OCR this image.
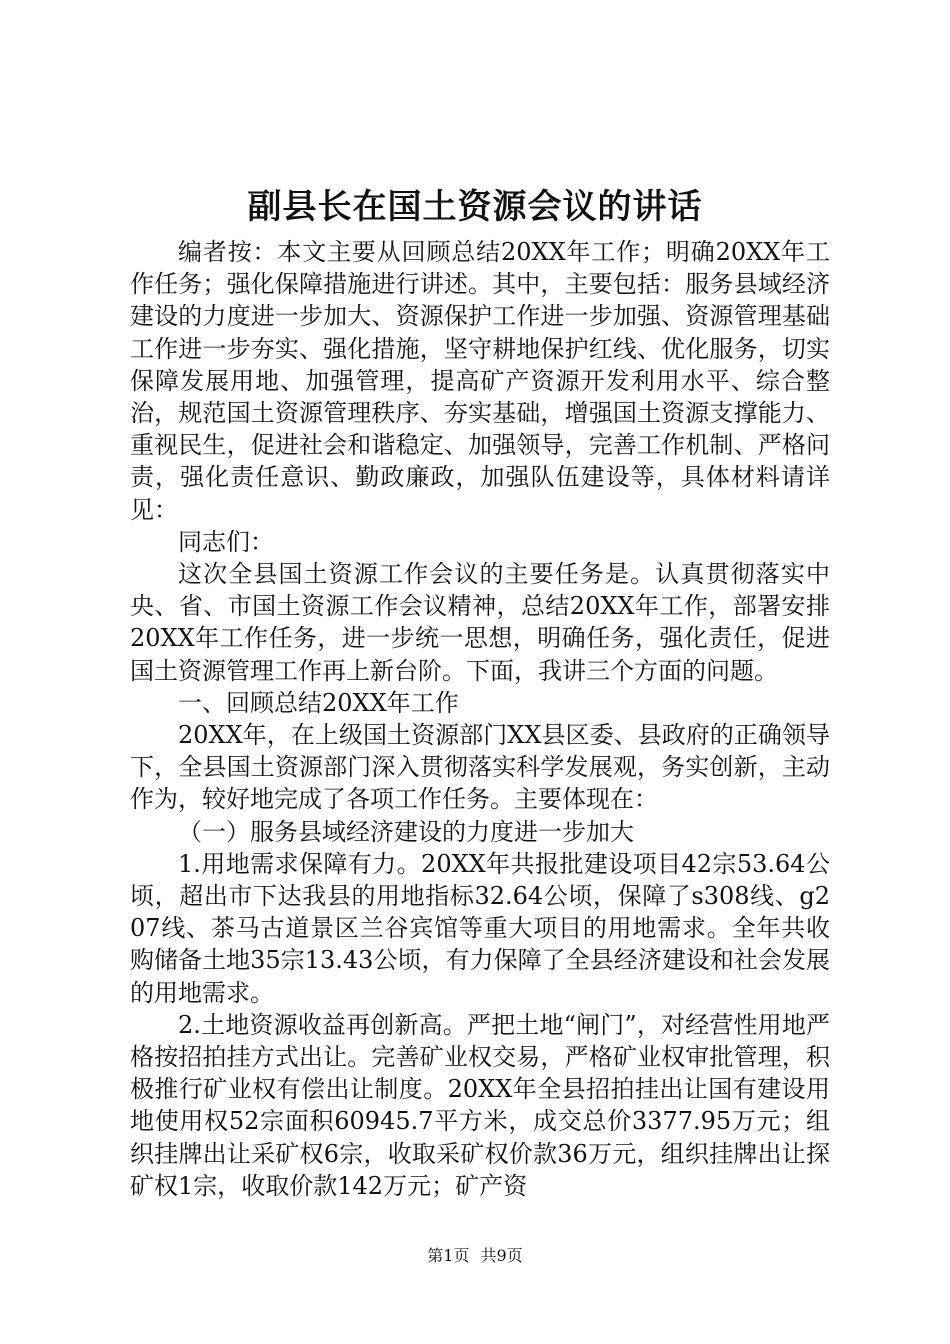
副县长在国土资源会议的讲话

编者按：本文主要从回顾总结20XX年工作；明确20XX年工作任务；强化保障措施进行讲述。其中，主要包括：服务县域经济建设的力度进一步加大、资源保护工作进一步加强、资源管理基础工作进一步夯实、强化措施，坚守耕地保护红线、优化服务，切实保障发展用地、加强管理，提高矿产资源开发利用水平、综合整治，规范国土资源管理秩序、夯实基础，增强国土资源支撑能力、重视民生，促进社会和谐稳定、加强领导，完善工作机制、严格问责，强化责任意识、勤政廉政，加强队伍建设等，具体材料请详见：

同志们：

这次全县国土资源工作会议的主要任务是。认真贯彻落实中央、省、市国土资源工作会议精神，总结20XX年工作，部署安排20XX年工作任务，进一步统一思想，明确任务，强化责任，促进国土资源管理工作再上新台阶。下面，我讲三个方面的问题。

一、回顾总结20XX年工作

20XX年，在上级国土资源部门XX县区委、县政府的正确领导下，全县国土资源部门深入贯彻落实科学发展观，务实创新，主动作为，较好地完成了各项工作任务。主要体现在：

（一）服务县域经济建设的力度进一步加大

1.用地需求保障有力。20XX年共报批建设项目42宗53.64公顷，超出市下达我县的用地指标32.64公顷，保障了s308线、g207线、茶马古道景区兰谷宾馆等重大项目的用地需求。全年共收购储备土地35宗13.43公顷，有力保障了全县经济建设和社会发展的用地需求。

2.土地资源收益再创新高。严把土地“闸门”，对经营性用地严格按招拍挂方式出让。完善矿业权交易，严格矿业权审批管理，积极推行矿业权有偿出让制度。20XX年全县招拍挂出让国有建设用地使用权52宗面积60945.7平方米，成交总价3377.95万元；组织挂牌出让采矿权6宗，收取采矿权价款36万元，组织挂牌出让探矿权1宗，收取价款142万元；矿产资

第1页 共9页
